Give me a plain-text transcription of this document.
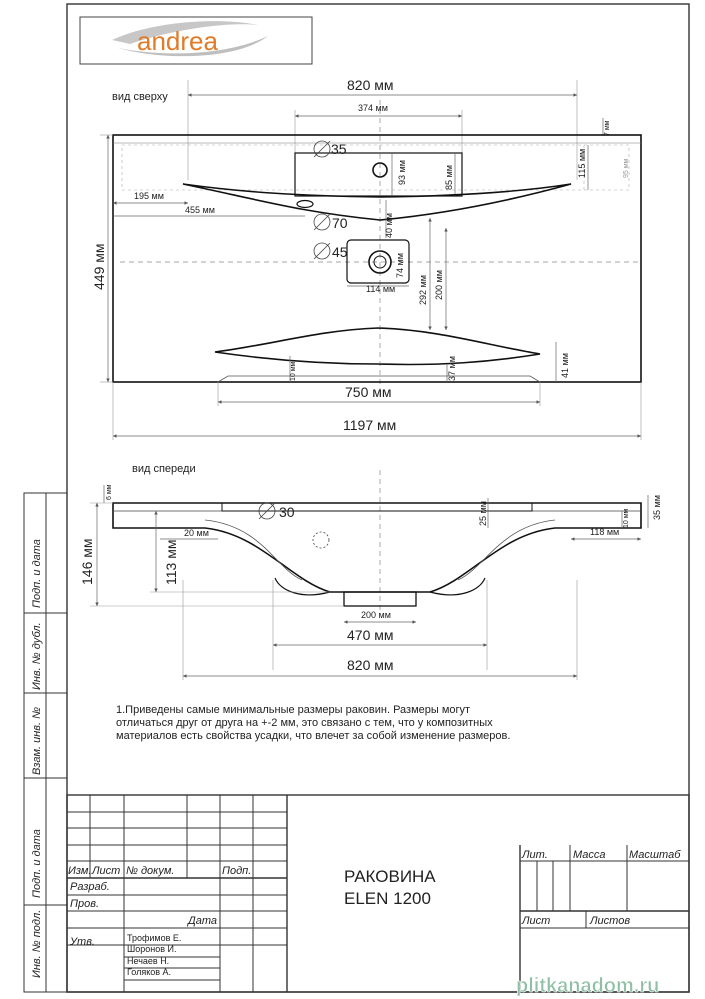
andrea
вид сверху
820 мм
374 мм
7 мм
35
93 мм	85 мм	115 мм	95 мм
195 мм
455 мм
70	40 мм
45
74 мм
114 мм	292 мм 200 мм
449 мм
10 мм	37 мм	41 мм
750 мм
1197 мм
вид спереди
6 мм
30	25 мм	35 мм
10 мм
20 мм	118 мм
146 мм	113 мм
200 мм
470 мм
820 мм
1.Приведены самые минимальные размеры раковин. Размеры могут
отличаться друг от друга на +-2 мм, это связано с тем, что у композитных
материалов есть свойства усадки, что влечет за собой изменение размеров.
Подп. и дата
Инв. № дубл.
Взам. инв. №
Подп. и дата
Инв. № подл.
Изм. Лист № докум.	Подп.
Разраб.
Пров.
Дата
Утв.	Трофимов Е.
Шоронов И.
Нечаев Н.
Голяков А.
РАКОВИНА
ELEN 1200
Лит. Масса Масштаб
Лист	Листов
plitkanadom.ru
